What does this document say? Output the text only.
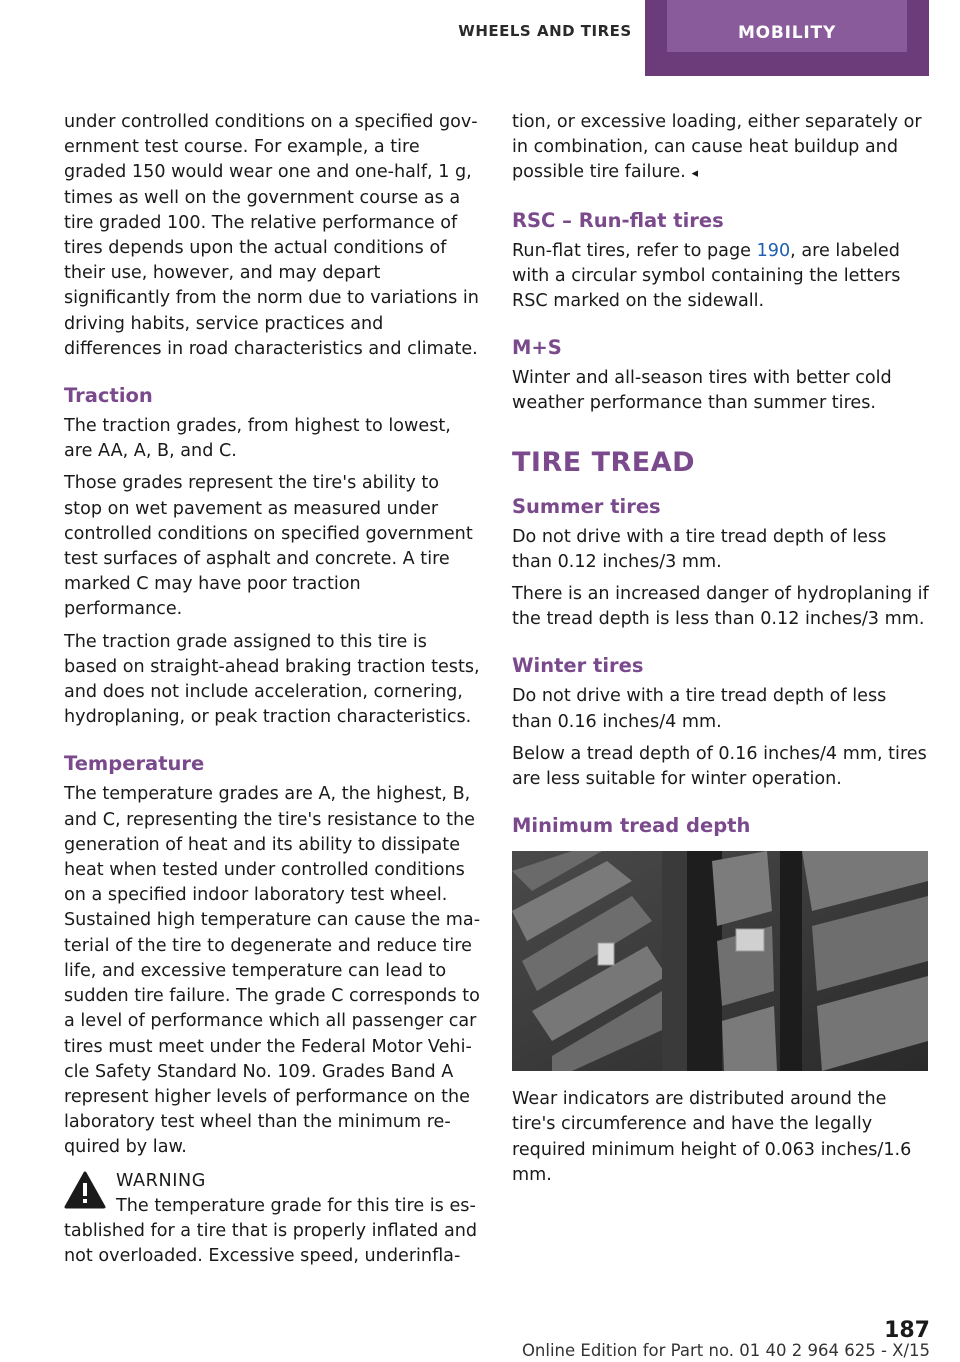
WHEELS AND TIRES	MOBILITY

under controlled conditions on a specified government test course. For example, a tire graded 150 would wear one and one-half, 1 g, times as well on the government course as a tire graded 100. The relative performance of tires depends upon the actual conditions of their use, however, and may depart significantly from the norm due to variations in driving habits, service practices and differences in road characteristics and climate.

Traction

The traction grades, from highest to lowest, are AA, A, B, and C.

Those grades represent the tire's ability to stop on wet pavement as measured under controlled conditions on specified government test surfaces of asphalt and concrete. A tire marked C may have poor traction performance.

The traction grade assigned to this tire is based on straight-ahead braking traction tests, and does not include acceleration, cornering, hydroplaning, or peak traction characteristics.

Temperature

The temperature grades are A, the highest, B, and C, representing the tire's resistance to the generation of heat and its ability to dissipate heat when tested under controlled conditions on a specified indoor laboratory test wheel. Sustained high temperature can cause the material of the tire to degenerate and reduce tire life, and excessive temperature can lead to sudden tire failure. The grade C corresponds to a level of performance which all passenger car tires must meet under the Federal Motor Vehicle Safety Standard No. 109. Grades Band A represent higher levels of performance on the laboratory test wheel than the minimum required by law.

WARNING

The temperature grade for this tire is established for a tire that is properly inflated and not overloaded. Excessive speed, underinfla-

tion, or excessive loading, either separately or in combination, can cause heat buildup and possible tire failure. ◂

RSC – Run-flat tires

Run-flat tires, refer to page 190, are labeled with a circular symbol containing the letters RSC marked on the sidewall.

M+S

Winter and all-season tires with better cold weather performance than summer tires.

TIRE TREAD
Summer tires

Do not drive with a tire tread depth of less than 0.12 inches/3 mm.

There is an increased danger of hydroplaning if the tread depth is less than 0.12 inches/3 mm.

Winter tires

Do not drive with a tire tread depth of less than 0.16 inches/4 mm.

Below a tread depth of 0.16 inches/4 mm, tires are less suitable for winter operation.

Minimum tread depth

Wear indicators are distributed around the tire's circumference and have the legally required minimum height of 0.063 inches/1.6 mm.

187
Online Edition for Part no. 01 40 2 964 625 - X/15
